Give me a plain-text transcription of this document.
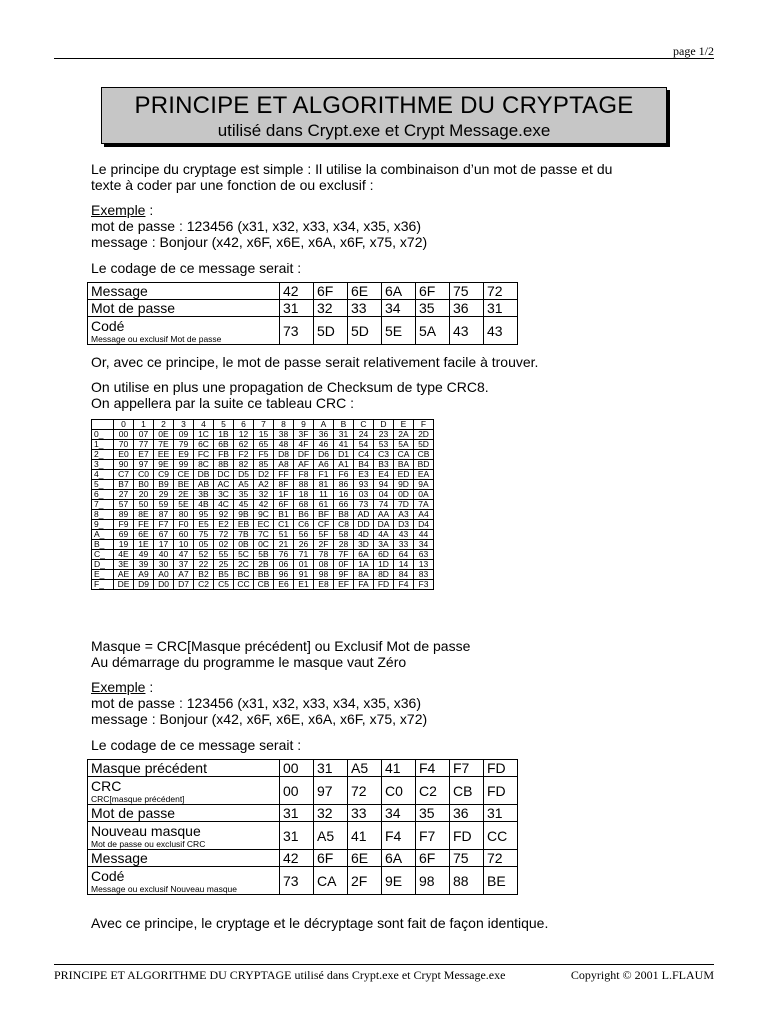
page 1/2
PRINCIPE ET ALGORITHME DU CRYPTAGE
utilisé dans Crypt.exe et Crypt Message.exe
Le principe du cryptage est simple : Il utilise la combinaison d’un mot de passe et du
texte à coder par une fonction de ou exclusif :
Exemple :
mot de passe : 123456 (x31, x32, x33, x34, x35, x36)
message : Bonjour (x42, x6F, x6E, x6A, x6F, x75, x72)
Le codage de ce message serait :
Message	42	6F	6E	6A	6F	75	72
Mot de passe	31	32	33	34	35	36	31
Codé
Message ou exclusif Mot de passe	73	5D	5D	5E	5A	43	43
Or, avec ce principe, le mot de passe serait relativement facile à trouver.
On utilise en plus une propagation de Checksum de type CRC8.
On appellera par la suite ce tableau CRC :
	0	1	2	3	4	5	6	7	8	9	A	B	C	D	E	F
0_	00	07	0E	09	1C	1B	12	15	38	3F	36	31	24	23	2A	2D
1_	70	77	7E	79	6C	6B	62	65	48	4F	46	41	54	53	5A	5D
2_	E0	E7	EE	E9	FC	FB	F2	F5	D8	DF	D6	D1	C4	C3	CA	CB
3_	90	97	9E	99	8C	8B	82	85	A8	AF	A6	A1	B4	B3	BA	BD
4_	C7	C0	C9	CE	DB	DC	D5	D2	FF	F8	F1	F6	E3	E4	ED	EA
5_	B7	B0	B9	BE	AB	AC	A5	A2	8F	88	81	86	93	94	9D	9A
6_	27	20	29	2E	3B	3C	35	32	1F	18	11	16	03	04	0D	0A
7_	57	50	59	5E	4B	4C	45	42	6F	68	61	66	73	74	7D	7A
8_	89	8E	87	80	95	92	9B	9C	B1	B6	BF	B8	AD	AA	A3	A4
9_	F9	FE	F7	F0	E5	E2	EB	EC	C1	C6	CF	C8	DD	DA	D3	D4
A_	69	6E	67	60	75	72	7B	7C	51	56	5F	58	4D	4A	43	44
B_	19	1E	17	10	05	02	0B	0C	21	26	2F	28	3D	3A	33	34
C_	4E	49	40	47	52	55	5C	5B	76	71	78	7F	6A	6D	64	63
D_	3E	39	30	37	22	25	2C	2B	06	01	08	0F	1A	1D	14	13
E_	AE	A9	A0	A7	B2	B5	BC	BB	96	91	98	9F	8A	8D	84	83
F_	DE	D9	D0	D7	C2	C5	CC	CB	E6	E1	E8	EF	FA	FD	F4	F3
Masque = CRC[Masque précédent] ou Exclusif Mot de passe
Au démarrage du programme le masque vaut Zéro
Exemple :
mot de passe : 123456 (x31, x32, x33, x34, x35, x36)
message : Bonjour (x42, x6F, x6E, x6A, x6F, x75, x72)
Le codage de ce message serait :
Masque précédent	00	31	A5	41	F4	F7	FD
CRC
CRC[masque précédent]	00	97	72	C0	C2	CB	FD
Mot de passe	31	32	33	34	35	36	31
Nouveau masque
Mot de passe ou exclusif CRC	31	A5	41	F4	F7	FD	CC
Message	42	6F	6E	6A	6F	75	72
Codé
Message ou exclusif Nouveau masque	73	CA	2F	9E	98	88	BE
Avec ce principe, le cryptage et le décryptage sont fait de façon identique.
PRINCIPE ET ALGORITHME DU CRYPTAGE utilisé dans Crypt.exe et Crypt Message.exe	Copyright © 2001 L.FLAUM
